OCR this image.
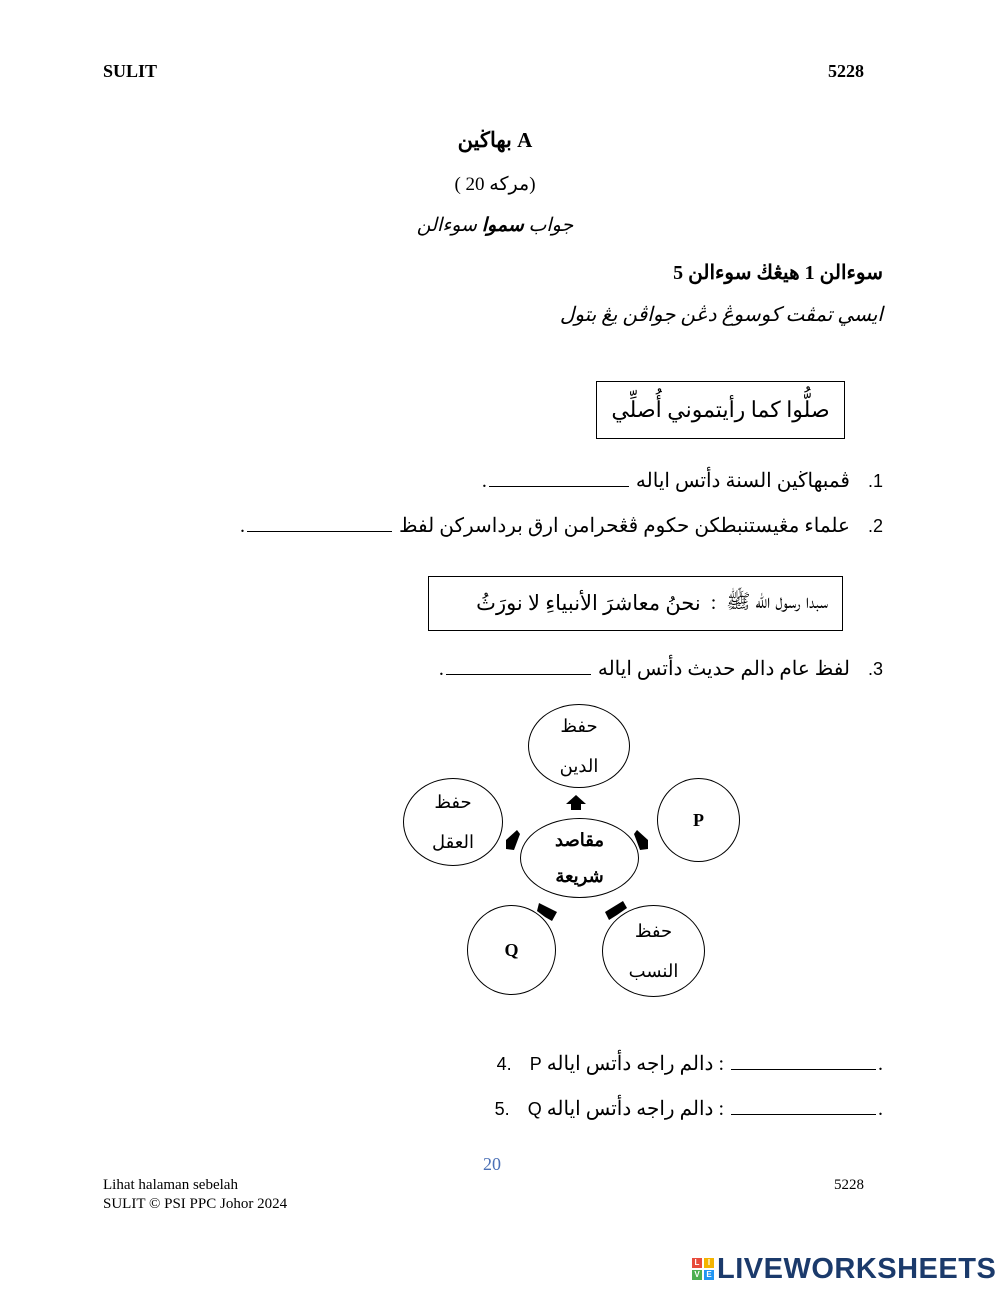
SULIT	5228
بهاڬين A
( 20 مرکه)
جواب سموا سوءالن
سوءالن 1 هيڠڬ سوءالن 5
ايسي تمڤت کوسوڠ دڠن جواڤن يڠ بتول
صلُّوا كما رأيتموني أُصلِّي
1.  ڤمبهاڬين السنة دأتس اياله .
2.  علماء مڠيستنبطکن حکوم ڤڠحرامن ارق برداسرکن لفظ .
سبدا رسول الله ﷺ
:
نحنُ معاشرَ الأنبياءِ لا نورَثُ
3.  لفظ عام دالم حديث دأتس اياله .
حفظ
الدين
حفظ
العقل
P
مقاصد
شريعة
Q
حفظ
النسب
4. P دالم راجه دأتس اياله :	.
5. Q دالم راجه دأتس اياله :	.
20
Lihat halaman sebelah
SULIT © PSI PPC Johor 2024
5228
L	I
V E LIVEWORKSHEETS
